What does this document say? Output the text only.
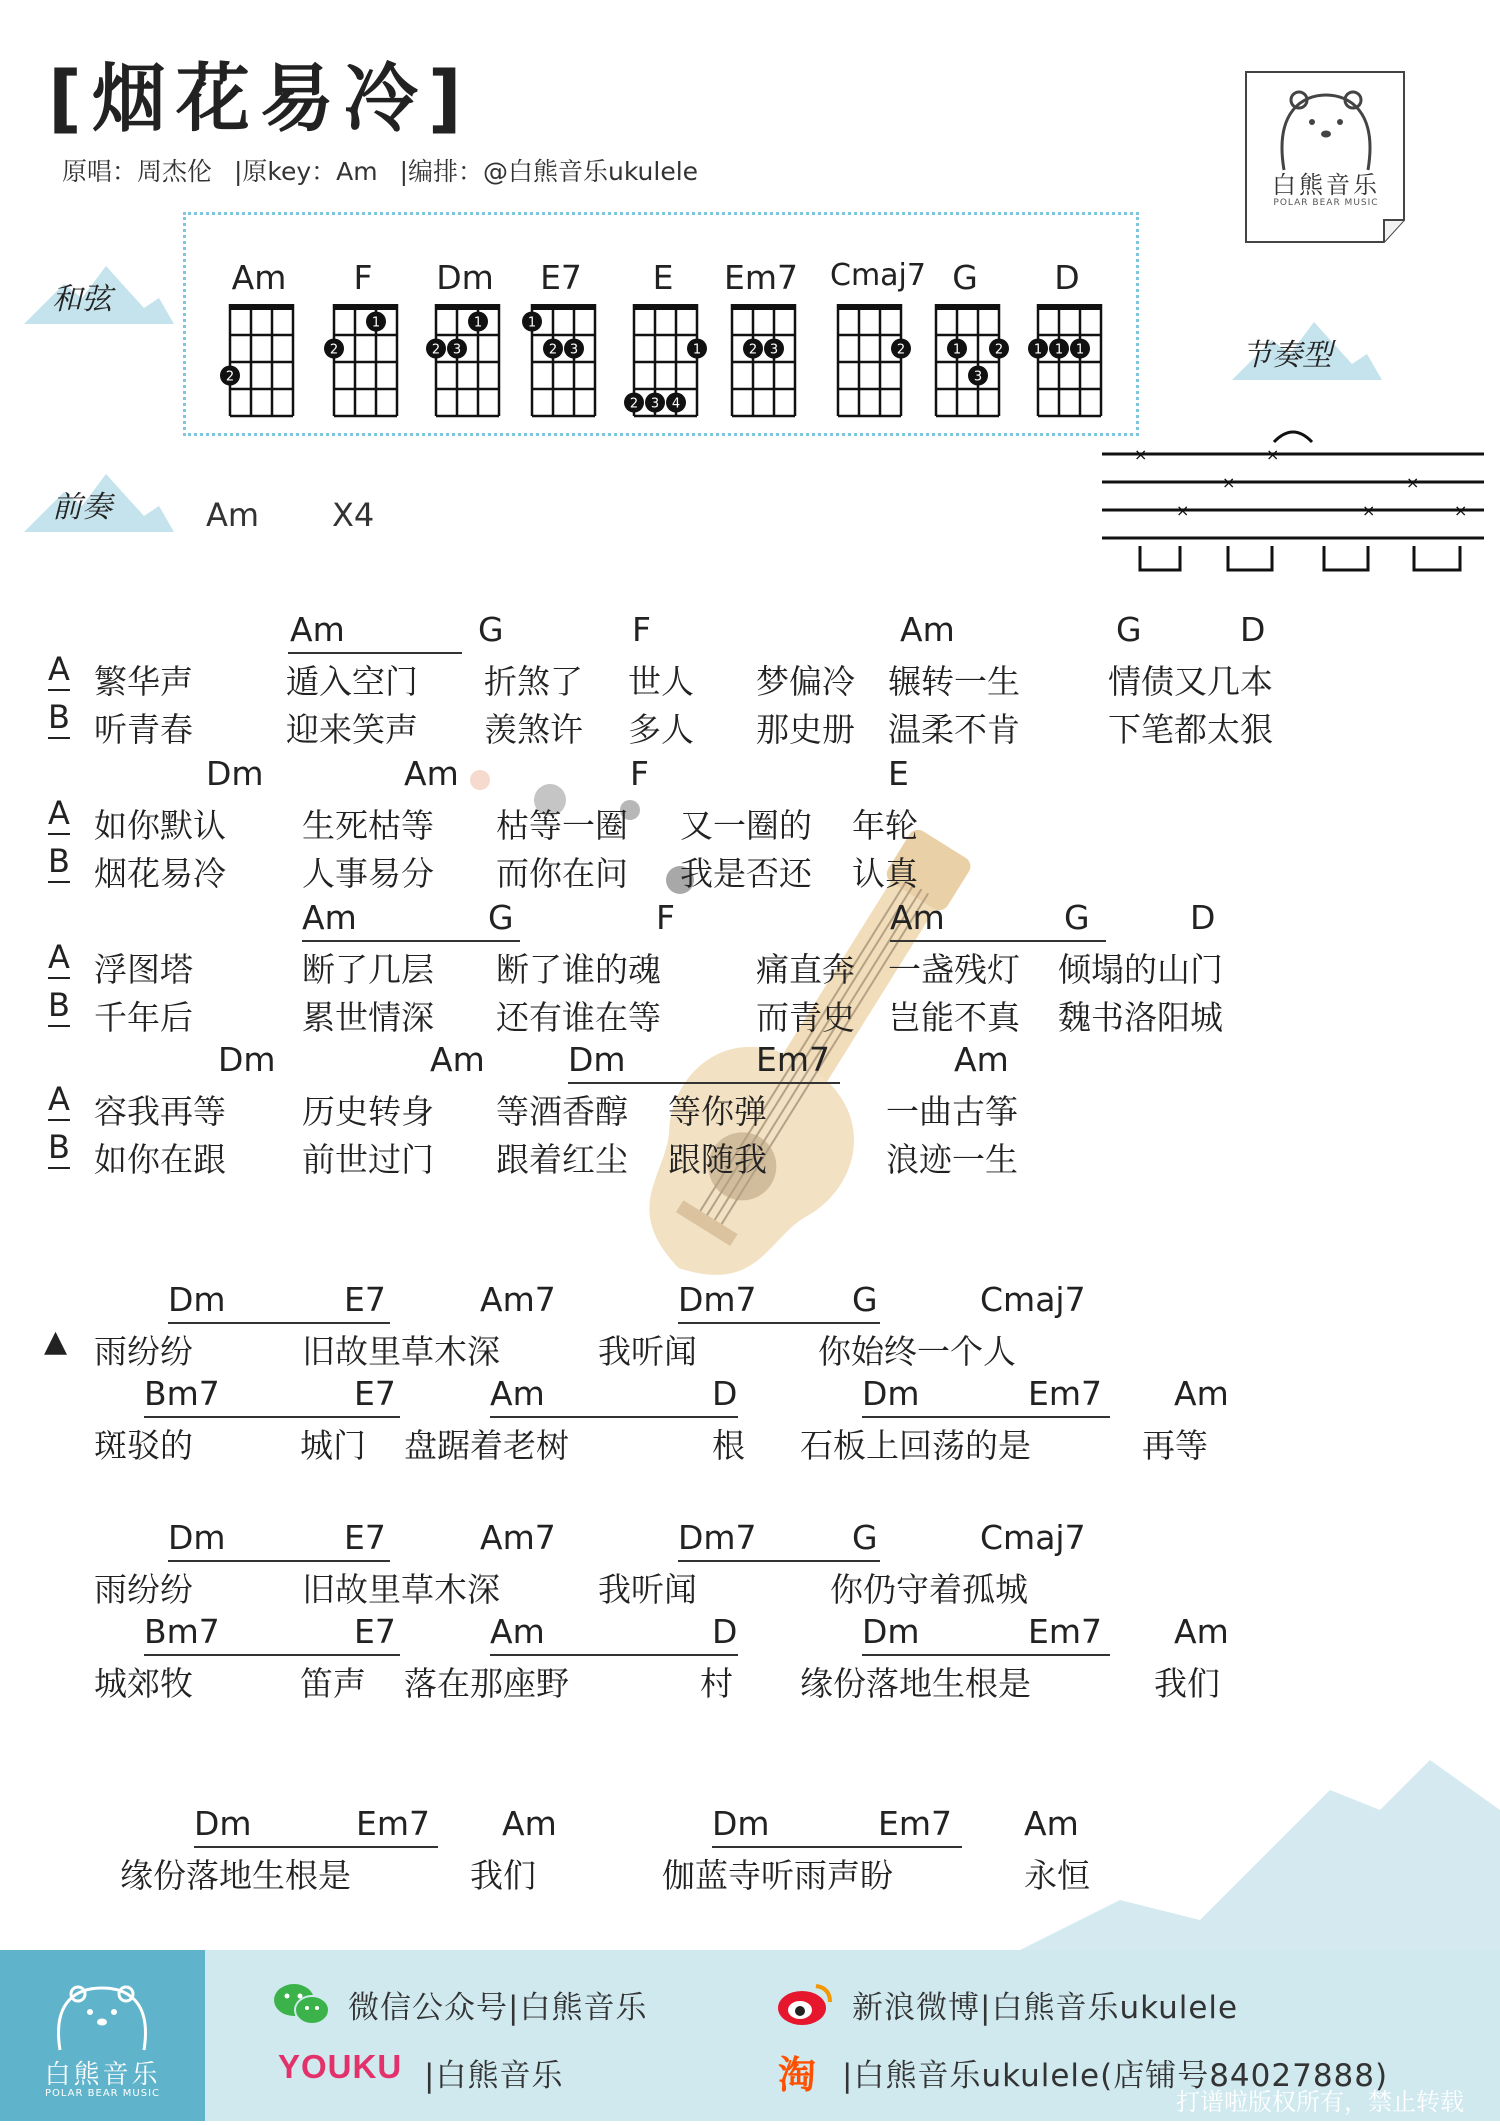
[烟花易冷]
原唱：周杰伦 |原key：Am |编排：@白熊音乐ukulele	白熊音乐
POLAR BEAR MUSIC
和弦
节奏型
前奏
Am
2
F
1
2
Dm
1
2 3
E7
1
2 3
E
1
2 3 4
Em7
2 3
Cmaj7
2
G
1	2
3
D
1 1 1
Am X4
×
×
×
×
×
×
×
Am	G	F	Am	G	D
A
B
繁华声	遁入空门 折煞了 世人 梦偏冷 辗转一生	情债又几本
听青春	迎来笑声 羡煞许 多人 那史册 温柔不肯	下笔都太狠
Dm	Am	F	E
A
B
如你默认 生死枯等 枯等一圈 又一圈的 年轮
烟花易冷 人事易分 而你在问 我是否还 认真
Am	G	F	Am	G	D
A
B
浮图塔	断了几层 断了谁的魂	痛直奔 一盏残灯 倾塌的山门
千年后	累世情深 还有谁在等	而青史 岂能不真 魏书洛阳城
Dm	Am	Dm	Em7	Am
A
B
容我再等 历史转身 等酒香醇 等你弹	一曲古筝
如你在跟 前世过门 跟着红尘 跟随我	浪迹一生
▲
Dm	E7	Am7	Dm7	G	Cmaj7
雨纷纷	旧故里草木深	我听闻	你始终一个人
Bm7	E7	Am	D	Dm	Em7 Am
斑驳的	城门 盘踞着老树	根 石板上回荡的是	再等
Dm	E7	Am7	Dm7	G	Cmaj7
雨纷纷	旧故里草木深	我听闻	你仍守着孤城
Bm7	E7	Am	D	Dm	Em7 Am
城郊牧	笛声 落在那座野	村 缘份落地生根是	我们
Dm	Em7 Am	Dm	Em7 Am
缘份落地生根是	我们	伽蓝寺听雨声盼	永恒
白熊音乐
POLAR BEAR MUSIC
微信公众号|白熊音乐	新浪微博|白熊音乐ukulele
YOUKU |白熊音乐	淘 |白熊音乐ukulele(店铺号84027888)
打谱啦版权所有，禁止转载
